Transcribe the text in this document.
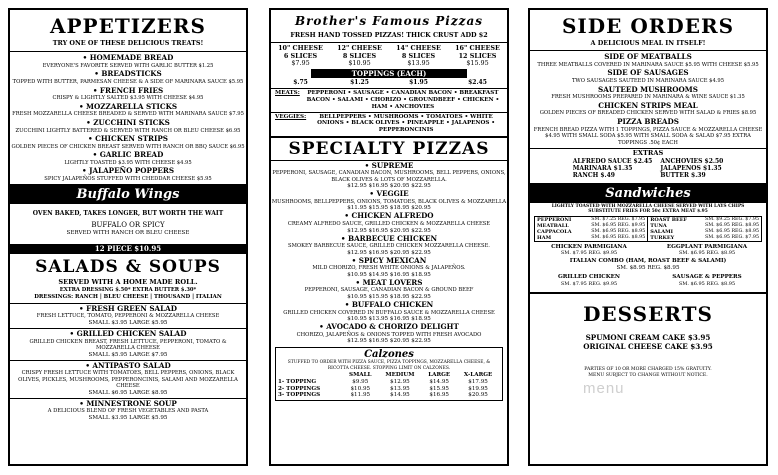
APPETIZERS
TRY ONE OF THESE DELICIOUS TREATS!
• HOMEMADE BREAD
EVERYONE'S FAVORITE SERVED WITH GARLIC BUTTER $1.25
• BREADSTICKS
TOPPED WITH BUTTER, PARMESAN CHEESE & A SIDE OF MARINARA SAUCE $5.95
• FRENCH FRIES
CRISPY & LIGHTLY SALTED $3.95 WITH CHEESE $4.95
• MOZZARELLA STICKS
FRESH MOZZARELLA CHEESE BREADED & SERVED WITH MARINARA SAUCE $7.95
• ZUCCHINI STICKS
ZUCCHINI LIGHTLY BATTERED & SERVED WITH RANCH OR BLEU CHEESE $6.95
• CHICKEN STRIPS
GOLDEN PIECES OF CHICKEN BREAST SERVED WITH RANCH OR BBQ SAUCE $6.95
• GARLIC BREAD
LIGHTLY TOASTED $3.95 WITH CHEESE $4.95
• JALAPEÑO POPPERS
SPICY JALAPEÑOS STUFFED WITH CHEDDAR CHEESE $5.95
Buffalo Wings
OVEN BAKED, TAKES LONGER, BUT WORTH THE WAIT
BUFFALO OR SPICY
SERVED WITH RANCH OR BLEU CHEESE
12 PIECE $10.95
SALADS & SOUPS
SERVED WITH A HOME MADE ROLL.
EXTRA DRESSING $.50* EXTRA BUTTER $.30*
DRESSINGS: RANCH | BLEU CHEESE | THOUSAND | ITALIAN
• FRESH GREEN SALAD
FRESH LETTUCE, TOMATO, PEPPERONI & MOZZARELLA CHEESE
SMALL $3.95 LARGE $5.95
• GRILLED CHICKEN SALAD
GRILLED CHICKEN BREAST, FRESH LETTUCE, PEPPERONI, TOMATO & MOZZARELLA CHEESE
SMALL $5.95 LARGE $7.95
• ANTIPASTO SALAD
CRISPY FRESH LETTUCE WITH TOMATOES, BELL PEPPERS, ONIONS, BLACK OLIVES, PICKLES, MUSHROOMS, PEPPERONCINIS, SALAMI AND MOZZARELLA CHEESE
SMALL $6.95 LARGE $8.95
• MINNESTRONE SOUP
A DELICIOUS BLEND OF FRESH VEGETABLES AND PASTA
SMALL $3.95 LARGE $5.95
Brother's Famous Pizzas
FRESH HAND TOSSED PIZZAS! THICK CRUST ADD $2
10" CHEESE
6 SLICES
$7.95
12" CHEESE
8 SLICES
$10.95
14" CHEESE
8 SLICES
$13.95
16" CHEESE
12 SLICES
$15.95
TOPPINGS (EACH)
$.75	$1.25	$1.95	$2.45
MEATS:	PEPPERONI • SAUSAGE • CANADIAN BACON • BREAKFAST BACON • SALAMI • CHORIZO • GROUNDBEEF • CHICKEN • HAM • ANCHOVIES
VEGGIES:	BELLPEPPERS • MUSHROOMS • TOMATOES • WHITE ONIONS • BLACK OLIVES • PINEAPPLE • JALAPENOS • PEPPERONCINIS
SPECIALTY PIZZAS
• SUPREME
PEPPERONI, SAUSAGE, CANADIAN BACON, MUSHROOMS, BELL PEPPERS, ONIONS, BLACK OLIVES & LOTS OF MOZZARELLA.
$12.95 $16.95 $20.95 $22.95
• VEGGIE
MUSHROOMS, BELLPEPPERS, ONIONS, TOMATOES, BLACK OLIVES & MOZZARELLA
$11.95 $15.95 $18.95 $20.95
• CHICKEN ALFREDO
CREAMY ALFREDO SAUCE, GRILLED CHICKEN & MOZZARELLA CHEESE
$12.95 $16.95 $20.95 $22.95
• BARBECUE CHICKEN
SMOKEY BARBECUE SAUCE, GRILLED CHICKEN MOZZARELLA CHEESE.
$12.95 $16.95 $20.95 $22.95
• SPICY MEXICAN
MILD CHORIZO, FRESH WHITE ONIONS & JALAPEÑOS.
$10.95 $14.95 $16.95 $18.95
• MEAT LOVERS
PEPPERONI, SAUSAGE, CANADIAN BACON & GROUND BEEF
$10.95 $15.95 $18.95 $22.95
• BUFFALO CHICKEN
GRILLED CHICKEN COVERED IN BUFFALO SAUCE & MOZZARELLA CHEESE
$10.95 $13.95 $16.95 $18.95
• AVOCADO & CHORIZO DELIGHT
CHORIZO, JALAPEÑOS & ONIONS TOPPED WITH FRESH AVOCADO
$12.95 $16.95 $20.95 $22.95
Calzones
STUFFED TO ORDER WITH PIZZA SAUCE, PIZZA TOPPINGS, MOZZARELLA CHEESE, & RICOTTA CHEESE. STOPPING LIMIT ON CALZONES.
	SMALL	MEDIUM	LARGE	X-LARGE
1- TOPPING	$9.95	$12.95	$14.95	$17.95
2- TOPPINGS	$10.95	$13.95	$15.95	$19.95
3- TOPPINGS	$11.95	$14.95	$16.95	$20.95
SIDE ORDERS
A DELICIOUS MEAL IN ITSELF!
SIDE OF MEATBALLS
THREE MEATBALLS COVERED IN MARINARA SAUCE $5.95 WITH CHEESE $5.95
SIDE OF SAUSAGES
TWO SAUSAGES SAUTEED IN MARINARA SAUCE $4.95
SAUTEED MUSHROOMS
FRESH MUSHROOMS PREPARED IN MARINARA & WINE SAUCE $1.35
CHICKEN STRIPS MEAL
GOLDEN PIECES OF BREADED CHICKEN SERVED WITH SALAD & FRIES $8.95
PIZZA BREADS
FRENCH BREAD PIZZA WITH 1 TOPPINGS, PIZZA SAUCE & MOZZARELLA CHEESE $4.95 WITH SMALL SODA $5.95 WITH SMALL SODA & SALAD $7.95 EXTRA TOPPINGS .50¢ EACH
EXTRAS
ALFREDO SAUCE $2.45	ANCHOVIES $2.50
MARINARA $1.35	JALAPENOS $1.35
RANCH $.49	BUTTER $.39
Sandwiches
LIGHTLY TOASTED WITH MOZZARELLA CHEESE SERVED WITH LAYS CHIPS
SUBSTITUTE FRIES FOR 50¢ EXTRA MEAT $.95
PEPPERONI	SM. $7.25 REG. $7.95
MEATBALL	SM. $6.95 REG. $9.95
CAPPACOLA	SM. $6.95 REG. $8.95
HAM	SM. $6.95 REG. $8.95
ROAST BEEF	SM. $9.25 REG. $7.95
TUNA	SM. $6.95 REG. $8.95
SALAMI	SM. $6.95 REG. $8.95
TURKEY	SM. $6.95 REG. $7.95
CHICKEN PARMIGIANA
SM. $7.95 REG. $9.95
EGGPLANT PARMIGIANA
SM. $6.95 REG. $8.95
ITALIAN COMBO (HAM, ROAST BEEF & SALAMI)
SM. $8.95 REG. $8.95
GRILLED CHICKEN
SM. $7.95 REG. $9.95
SAUSAGE & PEPPERS
SM. $6.95 REG. $8.95
DESSERTS
SPUMONI CREAM CAKE $3.95
ORIGINAL CHEESE CAKE $3.95
PARTIES OF 10 OR MORE CHARGED 15% GRATUITY.
MENU SUBJECT TO CHANGE WITHOUT NOTICE.
menu
